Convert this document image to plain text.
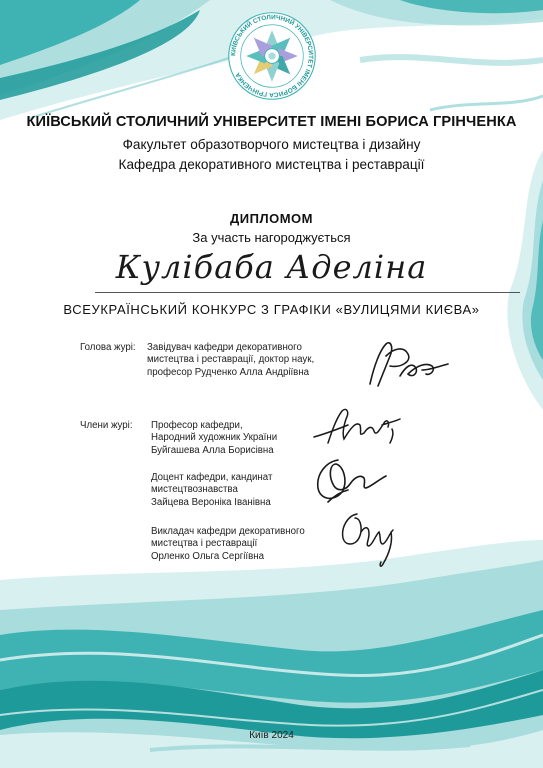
КИЇВСЬКИЙ СТОЛИЧНИЙ УНІВЕРСИТЕТ ІМЕНІ БОРИСА ГРІНЧЕНКА
КИЇВСЬКИЙ СТОЛИЧНИЙ УНІВЕРСИТЕТ ІМЕНІ БОРИСА ГРІНЧЕНКА
Факультет образотворчого мистецтва і дизайну
Кафедра декоративного мистецтва і реставрації
ДИПЛОМОМ
За участь нагороджується
Кулібаба Аделіна
ВСЕУКРАЇНСЬКИЙ КОНКУРС З ГРАФІКИ «ВУЛИЦЯМИ КИЄВА»
Голова журі: Завідувач кафедри декоративного
мистецтва і реставрації, доктор наук,
професор Рудченко Алла Андріївна
Члени журі: Професор кафедри,
Народний художник України
Буйгашева Алла Борисівна
Доцент кафедри, кандинат
мистецтвознавства
Зайцева Вероніка Іванівна
Викладач кафедри декоративного
мистецтва і реставрації
Орленко Ольга Сергіївна
Київ 2024
